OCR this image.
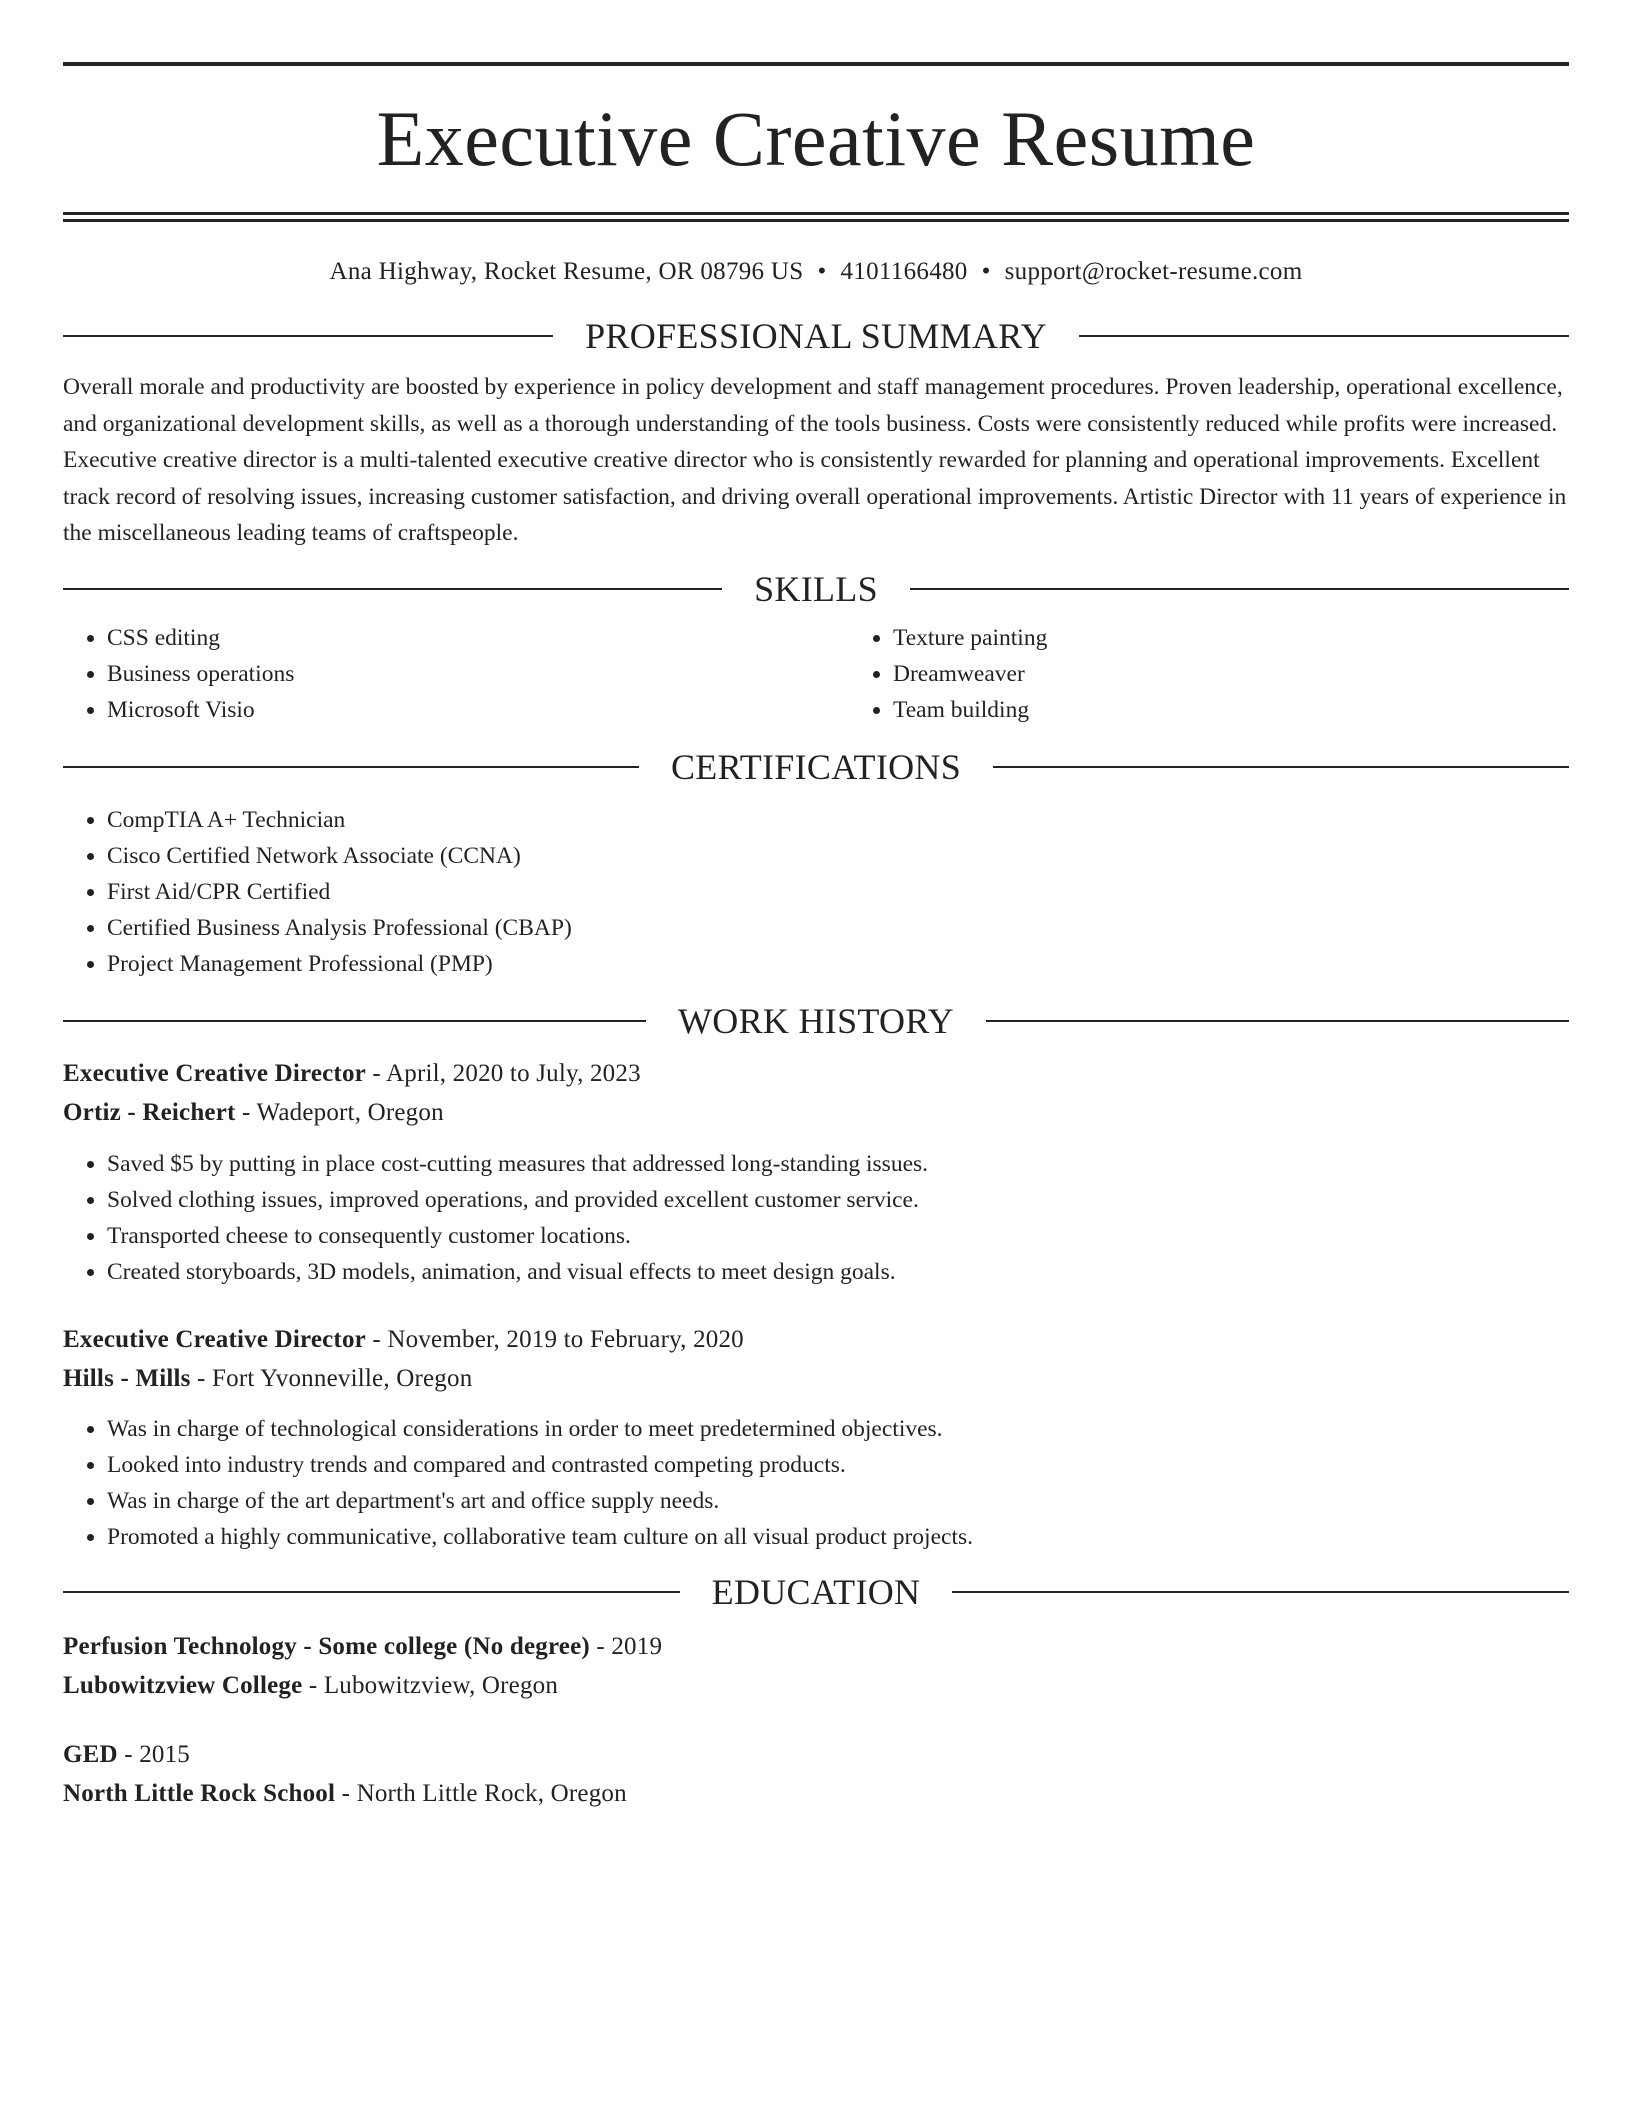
Executive Creative Resume
Ana Highway, Rocket Resume, OR 08796 US • 4101166480 • support@rocket-resume.com
PROFESSIONAL SUMMARY

Overall morale and productivity are boosted by experience in policy development and staff management procedures. Proven leadership, operational excellence, and organizational development skills, as well as a thorough understanding of the tools business. Costs were consistently reduced while profits were increased. Executive creative director is a multi-talented executive creative director who is consistently rewarded for planning and operational improvements. Excellent track record of resolving issues, increasing customer satisfaction, and driving overall operational improvements. Artistic Director with 11 years of experience in the miscellaneous leading teams of craftspeople.

SKILLS
• CSS editing
• Business operations
• Microsoft Visio
• Texture painting
• Dreamweaver
• Team building
CERTIFICATIONS
• CompTIA A+ Technician
• Cisco Certified Network Associate (CCNA)
• First Aid/CPR Certified
• Certified Business Analysis Professional (CBAP)
• Project Management Professional (PMP)
WORK HISTORY
Executive Creative Director - April, 2020 to July, 2023
Ortiz - Reichert - Wadeport, Oregon
• Saved $5 by putting in place cost-cutting measures that addressed long-standing issues.
• Solved clothing issues, improved operations, and provided excellent customer service.
• Transported cheese to consequently customer locations.
• Created storyboards, 3D models, animation, and visual effects to meet design goals.
Executive Creative Director - November, 2019 to February, 2020
Hills - Mills - Fort Yvonneville, Oregon
• Was in charge of technological considerations in order to meet predetermined objectives.
• Looked into industry trends and compared and contrasted competing products.
• Was in charge of the art department's art and office supply needs.
• Promoted a highly communicative, collaborative team culture on all visual product projects.
EDUCATION
Perfusion Technology - Some college (No degree) - 2019
Lubowitzview College - Lubowitzview, Oregon
GED - 2015
North Little Rock School - North Little Rock, Oregon
